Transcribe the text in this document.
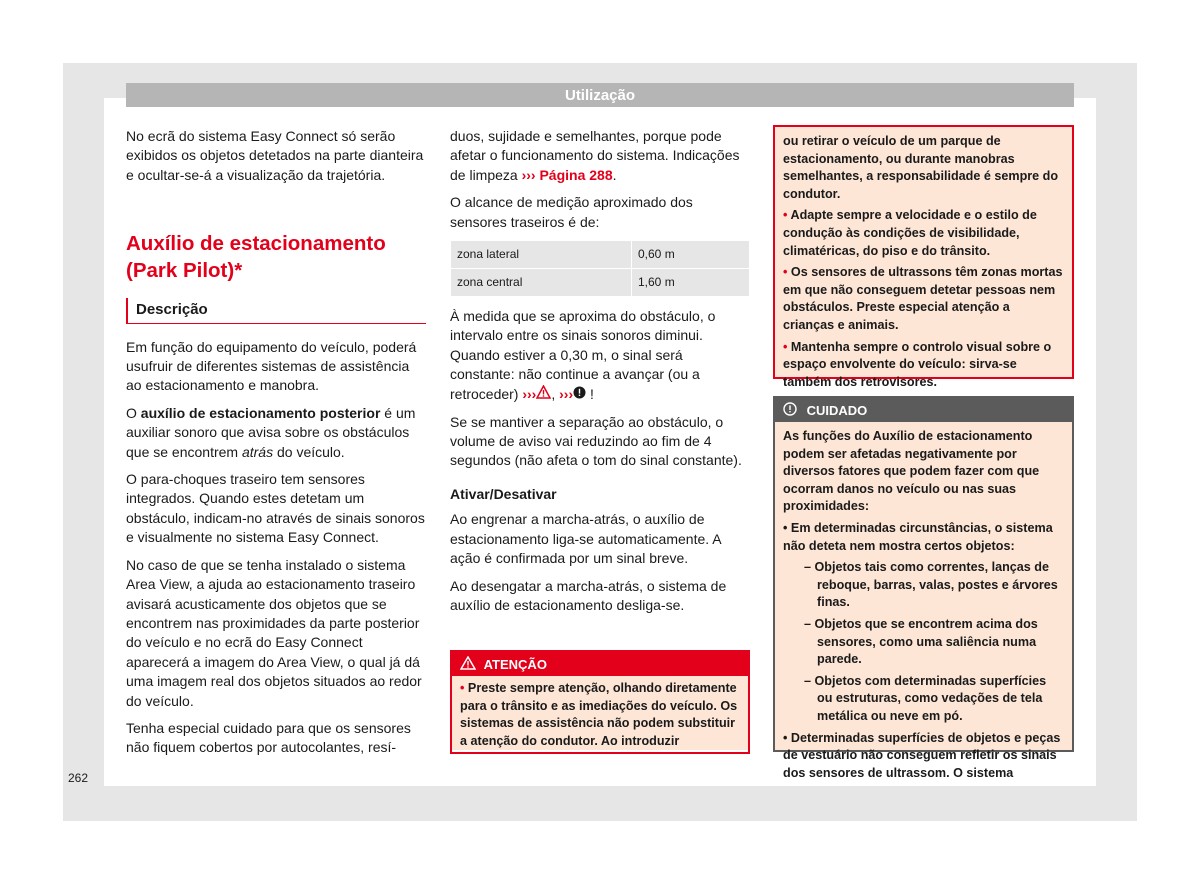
Utilização

No ecrã do sistema Easy Connect só serão exibidos os objetos detetados na parte dianteira e ocultar-se-á a visualização da trajetória.

Auxílio de estacionamento (Park Pilot)*
Descrição

Em função do equipamento do veículo, poderá usufruir de diferentes sistemas de assistência ao estacionamento e manobra.

O auxílio de estacionamento posterior é um auxiliar sonoro que avisa sobre os obstáculos que se encontrem atrás do veículo.

O para-choques traseiro tem sensores integrados. Quando estes detetam um obstáculo, indicam-no através de sinais sonoros e visualmente no sistema Easy Connect.

No caso de que se tenha instalado o sistema Area View, a ajuda ao estacionamento traseiro avisará acusticamente dos objetos que se encontrem nas proximidades da parte posterior do veículo e no ecrã do Easy Connect aparecerá a imagem do Area View, o qual já dá uma imagem real dos objetos situados ao redor do veículo.

Tenha especial cuidado para que os sensores não fiquem cobertos por autocolantes, resí-

duos, sujidade e semelhantes, porque pode afetar o funcionamento do sistema. Indicações de limpeza ››› Página 288.

O alcance de medição aproximado dos sensores traseiros é de:

zona lateral	0,60 m
zona central	1,60 m

À medida que se aproxima do obstáculo, o intervalo entre os sinais sonoros diminui. Quando estiver a 0,30 m, o sinal será constante: não continue a avançar (ou a retroceder) ››› , ››› !

Se se mantiver a separação ao obstáculo, o volume de aviso vai reduzindo ao fim de 4 segundos (não afeta o tom do sinal constante).

Ativar/Desativar

Ao engrenar a marcha-atrás, o auxílio de estacionamento liga-se automaticamente. A ação é confirmada por um sinal breve.

Ao desengatar a marcha-atrás, o sistema de auxílio de estacionamento desliga-se.

ATENÇÃO

• Preste sempre atenção, olhando diretamente para o trânsito e as imediações do veículo. Os sistemas de assistência não podem substituir a atenção do condutor. Ao introduzir

ou retirar o veículo de um parque de estacionamento, ou durante manobras semelhantes, a responsabilidade é sempre do condutor.

• Adapte sempre a velocidade e o estilo de condução às condições de visibilidade, climatéricas, do piso e do trânsito.

• Os sensores de ultrassons têm zonas mortas em que não conseguem detetar pessoas nem obstáculos. Preste especial atenção a crianças e animais.

• Mantenha sempre o controlo visual sobre o espaço envolvente do veículo: sirva-se também dos retrovisores.

CUIDADO

As funções do Auxílio de estacionamento podem ser afetadas negativamente por diversos fatores que podem fazer com que ocorram danos no veículo ou nas suas proximidades:

• Em determinadas circunstâncias, o sistema não deteta nem mostra certos objetos:

– Objetos tais como correntes, lanças de reboque, barras, valas, postes e árvores finas.

– Objetos que se encontrem acima dos sensores, como uma saliência numa parede.

– Objetos com determinadas superfícies ou estruturas, como vedações de tela metálica ou neve em pó.

• Determinadas superfícies de objetos e peças de vestuário não conseguem refletir os sinais dos sensores de ultrassom. O sistema

262
